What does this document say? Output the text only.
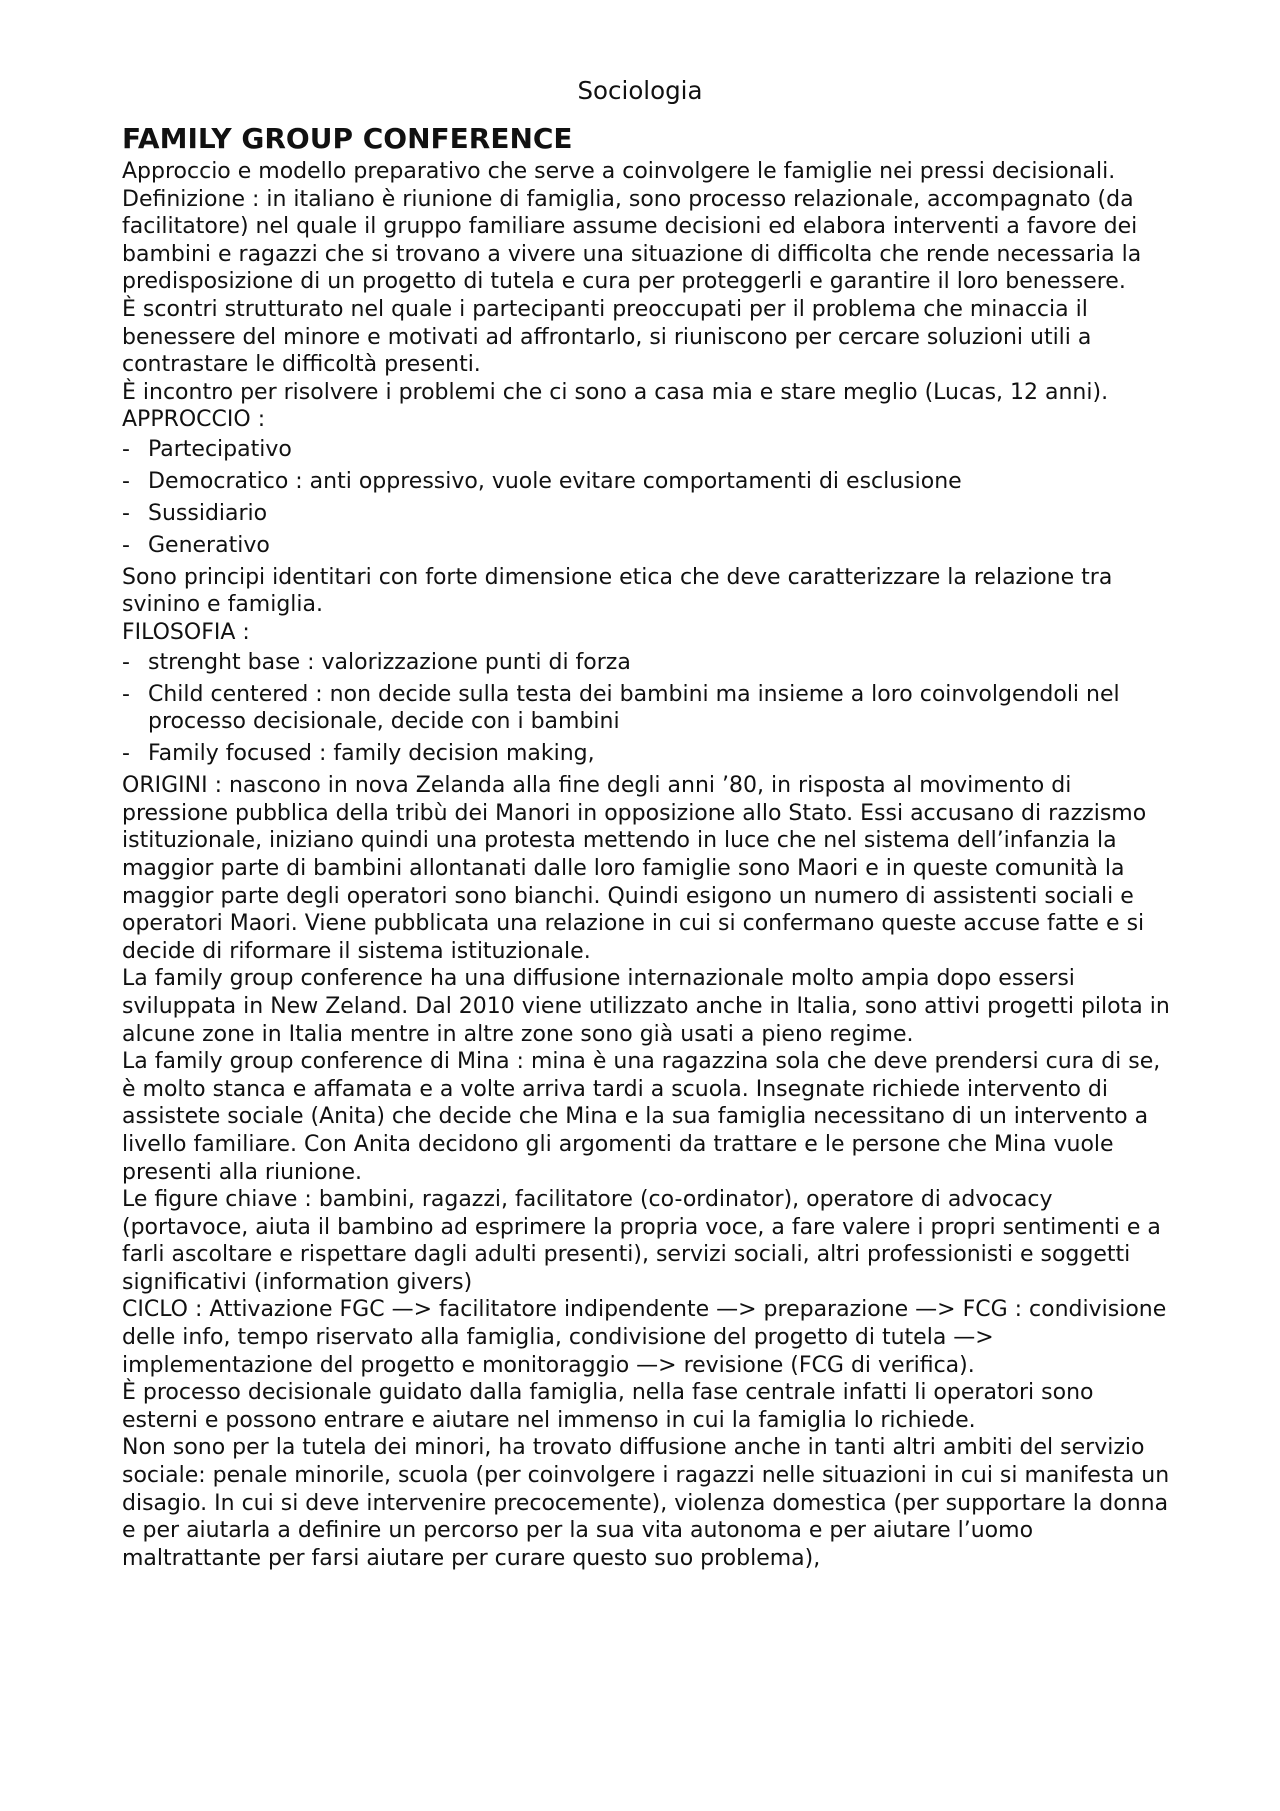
Sociologia
FAMILY GROUP CONFERENCE

Approccio e modello preparativo che serve a coinvolgere le famiglie nei pressi decisionali.

Definizione : in italiano è riunione di famiglia, sono processo relazionale, accompagnato (da facilitatore) nel quale il gruppo familiare assume decisioni ed elabora interventi a favore dei bambini e ragazzi che si trovano a vivere una situazione di difficolta che rende necessaria la predisposizione di un progetto di tutela e cura per proteggerli e garantire il loro benessere.

È scontri strutturato nel quale i partecipanti preoccupati per il problema che minaccia il benessere del minore e motivati ad affrontarlo, si riuniscono per cercare soluzioni utili a contrastare le difficoltà presenti.

È incontro per risolvere i problemi che ci sono a casa mia e stare meglio (Lucas, 12 anni).

APPROCCIO :

- Partecipativo
- Democratico : anti oppressivo, vuole evitare comportamenti di esclusione
- Sussidiario
- Generativo

Sono principi identitari con forte dimensione etica che deve caratterizzare la relazione tra svinino e famiglia.

FILOSOFIA :

- strenght base : valorizzazione punti di forza
- Child centered : non decide sulla testa dei bambini ma insieme a loro coinvolgendoli nel processo decisionale, decide con i bambini
- Family focused : family decision making,

ORIGINI : nascono in nova Zelanda alla fine degli anni ’80, in risposta al movimento di pressione pubblica della tribù dei Manori in opposizione allo Stato. Essi accusano di razzismo istituzionale, iniziano quindi una protesta mettendo in luce che nel sistema dell’infanzia la maggior parte di bambini allontanati dalle loro famiglie sono Maori e in queste comunità la maggior parte degli operatori sono bianchi. Quindi esigono un numero di assistenti sociali e operatori Maori. Viene pubblicata una relazione in cui si confermano queste accuse fatte e si decide di riformare il sistema istituzionale.

La family group conference ha una diffusione internazionale molto ampia dopo essersi sviluppata in New Zeland. Dal 2010 viene utilizzato anche in Italia, sono attivi progetti pilota in alcune zone in Italia mentre in altre zone sono già usati a pieno regime.

La family group conference di Mina : mina è una ragazzina sola che deve prendersi cura di se, è molto stanca e affamata e a volte arriva tardi a scuola. Insegnate richiede intervento di assistete sociale (Anita) che decide che Mina e la sua famiglia necessitano di un intervento a livello familiare. Con Anita decidono gli argomenti da trattare e le persone che Mina vuole presenti alla riunione.

Le figure chiave : bambini, ragazzi, facilitatore (co-ordinator), operatore di advocacy (portavoce, aiuta il bambino ad esprimere la propria voce, a fare valere i propri sentimenti e a farli ascoltare e rispettare dagli adulti presenti), servizi sociali, altri professionisti e soggetti significativi (information givers)

CICLO : Attivazione FGC —> facilitatore indipendente —> preparazione —> FCG : condivisione delle info, tempo riservato alla famiglia, condivisione del progetto di tutela —> implementazione del progetto e monitoraggio —> revisione (FCG di verifica).

È processo decisionale guidato dalla famiglia, nella fase centrale infatti li operatori sono esterni e possono entrare e aiutare nel immenso in cui la famiglia lo richiede.

Non sono per la tutela dei minori, ha trovato diffusione anche in tanti altri ambiti del servizio sociale: penale minorile, scuola (per coinvolgere i ragazzi nelle situazioni in cui si manifesta un disagio. In cui si deve intervenire precocemente), violenza domestica (per supportare la donna e per aiutarla a definire un percorso per la sua vita autonoma e per aiutare l’uomo maltrattante per farsi aiutare per curare questo suo problema),
